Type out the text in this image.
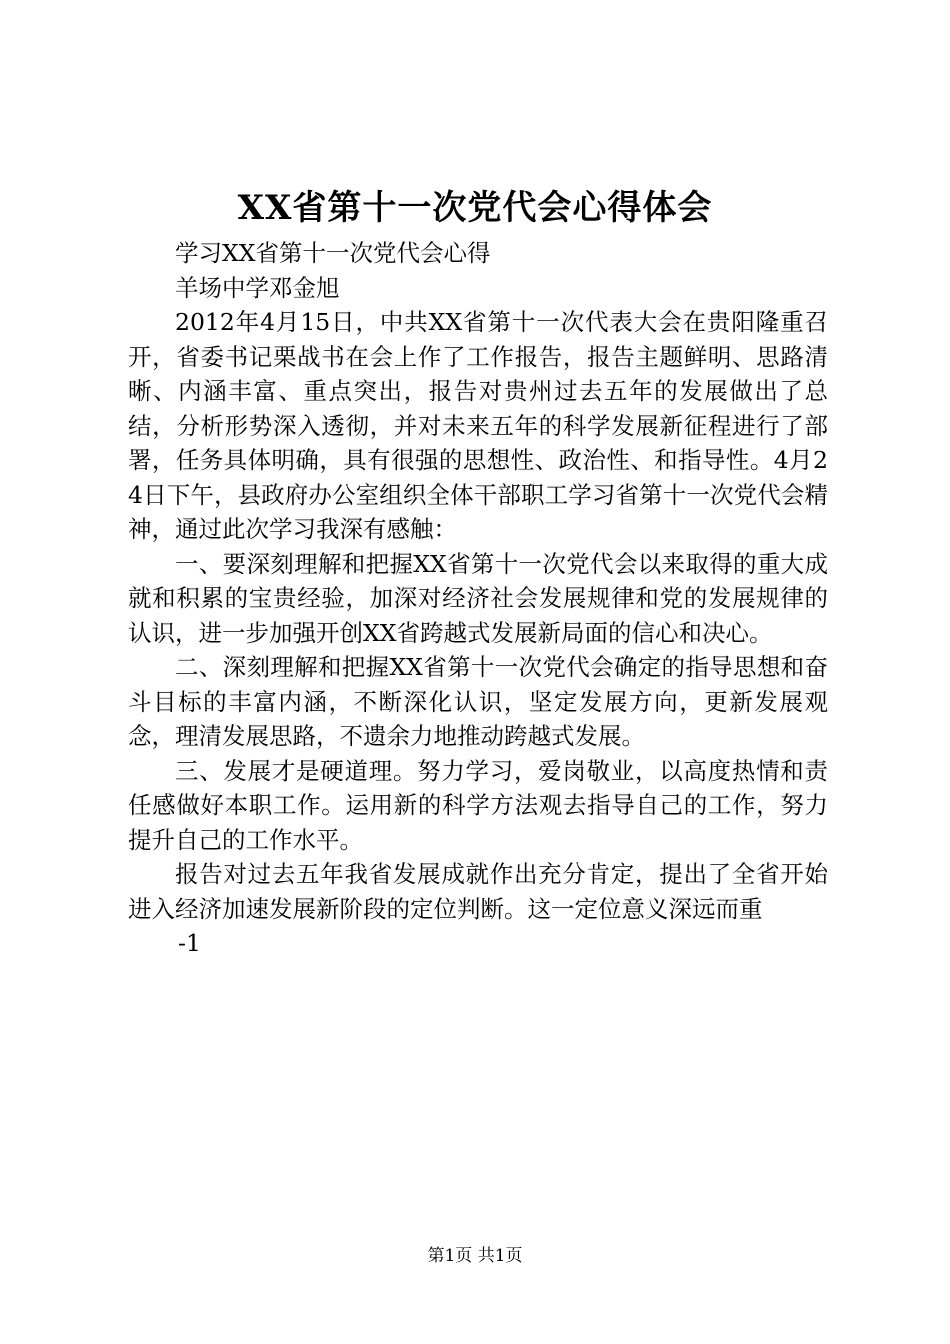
XX省第十一次党代会心得体会

学习XX省第十一次党代会心得

羊场中学邓金旭

2012年4月15日，中共XX省第十一次代表大会在贵阳隆重召开，省委书记栗战书在会上作了工作报告，报告主题鲜明、思路清晰、内涵丰富、重点突出，报告对贵州过去五年的发展做出了总结，分析形势深入透彻，并对未来五年的科学发展新征程进行了部署，任务具体明确，具有很强的思想性、政治性、和指导性。4月24日下午，县政府办公室组织全体干部职工学习省第十一次党代会精神，通过此次学习我深有感触：

一、要深刻理解和把握XX省第十一次党代会以来取得的重大成就和积累的宝贵经验，加深对经济社会发展规律和党的发展规律的认识，进一步加强开创XX省跨越式发展新局面的信心和决心。

二、深刻理解和把握XX省第十一次党代会确定的指导思想和奋斗目标的丰富内涵，不断深化认识，坚定发展方向，更新发展观念，理清发展思路，不遗余力地推动跨越式发展。

三、发展才是硬道理。努力学习，爱岗敬业，以高度热情和责任感做好本职工作。运用新的科学方法观去指导自己的工作，努力提升自己的工作水平。

报告对过去五年我省发展成就作出充分肯定，提出了全省开始进入经济加速发展新阶段的定位判断。这一定位意义深远而重

-1

第1页 共1页
